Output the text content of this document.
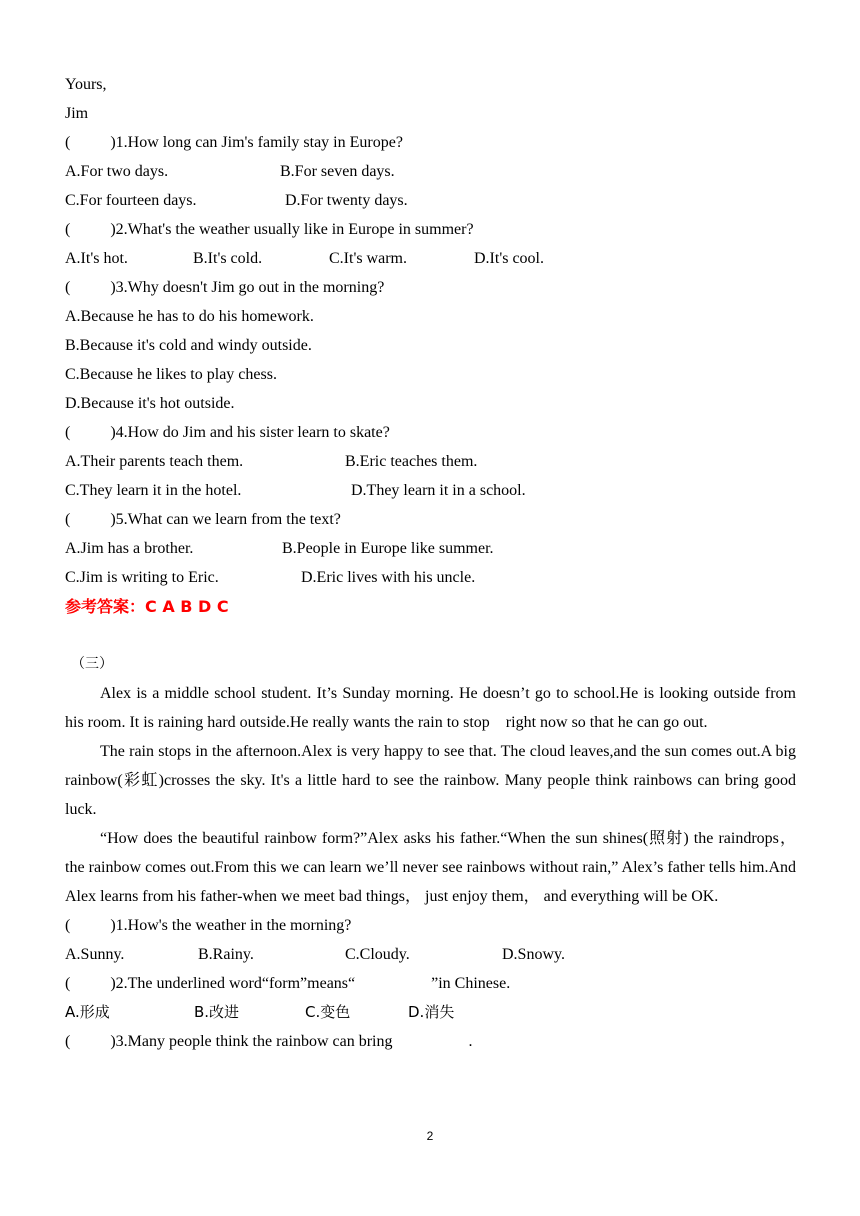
Yours,
Jim
(          )1.How long can Jim's family stay in Europe?
A.For two days.	B.For seven days.
C.For fourteen days.	D.For twenty days.
(          )2.What's the weather usually like in Europe in summer?
A.It's hot.	B.It's cold.	C.It's warm.	D.It's cool.
(          )3.Why doesn't Jim go out in the morning?
A.Because he has to do his homework.
B.Because it's cold and windy outside.
C.Because he likes to play chess.
D.Because it's hot outside.
(          )4.How do Jim and his sister learn to skate?
A.Their parents teach them.	B.Eric teaches them.
C.They learn it in the hotel.	D.They learn it in a school.
(          )5.What can we learn from the text?
A.Jim has a brother.	B.People in Europe like summer.
C.Jim is writing to Eric.	D.Eric lives with his uncle.
参考答案：C A B D C
（三）

Alex is a middle school student. It’s Sunday morning. He doesn’t go to school.He is looking outside from his room. It is raining hard outside.He really wants the rain to stop    right now so that he can go out.

The rain stops in the afternoon.Alex is very happy to see that. The cloud leaves,and the sun comes out.A big rainbow(彩虹)crosses the sky. It's a little hard to see the rainbow. Many people think rainbows can bring good luck.

“How does the beautiful rainbow form?”Alex asks his father.“When the sun shines(照射) the raindrops，the rainbow comes out.From this we can learn we’ll never see rainbows without rain,” Alex’s father tells him.And Alex learns from his father-when we meet bad things， just enjoy them， and everything will be OK.

(          )1.How's the weather in the morning?
A.Sunny.	B.Rainy.	C.Cloudy.	D.Snowy.
(          )2.The underlined word“form”means“                   ”in Chinese.
A.形成	B.改进	C.变色	D.消失
(          )3.Many people think the rainbow can bring                   .
2
